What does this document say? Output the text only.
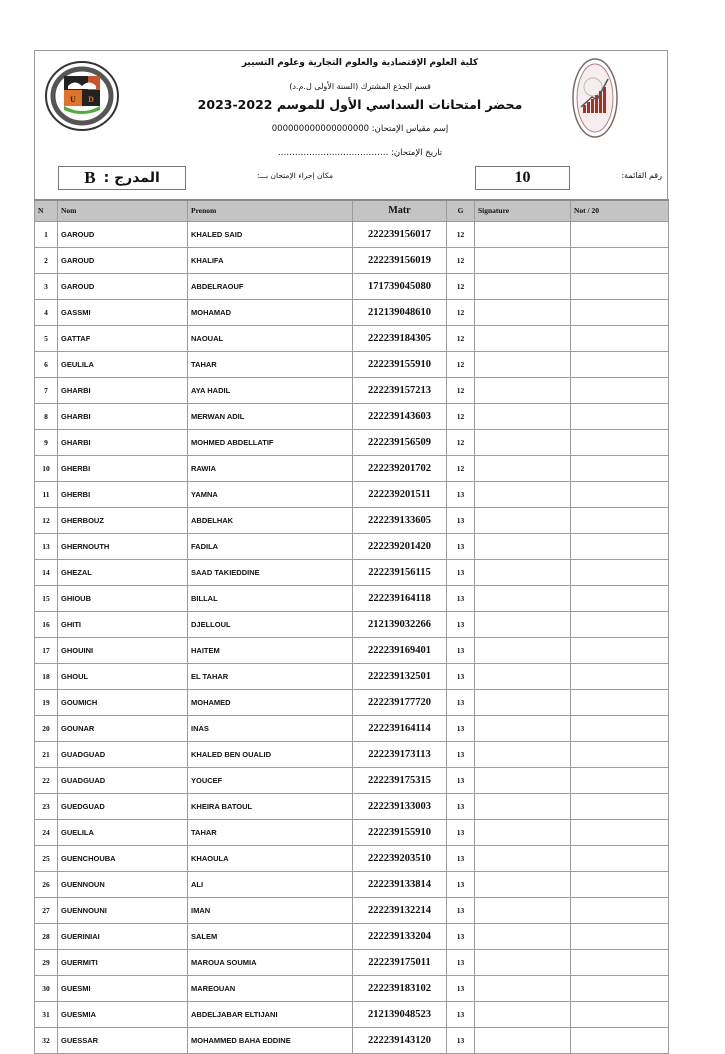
U D
كلية العلوم الإقتصادية والعلوم التجارية وعلوم التسيير
قسم الجذع المشترك (السنة الأولى ل.م.د)
محضر امتحانات السداسي الأول للموسم 2022-2023
إسم مقياس الإمتحان: 000000000000000000
تاريخ الإمتحان: …………………………………
المدرج :
B	مكان إجراء الإمتحان بـــ:	10	رقم القائمة:
N	Nom	Prenom	Matr	G	Signature	Not / 20
1	GAROUD	KHALED SAID	222239156017	12		
2	GAROUD	KHALIFA	222239156019	12		
3	GAROUD	ABDELRAOUF	171739045080	12		
4	GASSMI	MOHAMAD	212139048610	12		
5	GATTAF	NAOUAL	222239184305	12		
6	GEULILA	TAHAR	222239155910	12		
7	GHARBI	AYA HADIL	222239157213	12		
8	GHARBI	MERWAN ADIL	222239143603	12		
9	GHARBI	MOHMED ABDELLATIF	222239156509	12		
10	GHERBI	RAWIA	222239201702	12		
11	GHERBI	YAMNA	222239201511	13		
12	GHERBOUZ	ABDELHAK	222239133605	13		
13	GHERNOUTH	FADILA	222239201420	13		
14	GHEZAL	SAAD TAKIEDDINE	222239156115	13		
15	GHIOUB	BILLAL	222239164118	13		
16	GHITI	DJELLOUL	212139032266	13		
17	GHOUINI	HAITEM	222239169401	13		
18	GHOUL	EL TAHAR	222239132501	13		
19	GOUMICH	MOHAMED	222239177720	13		
20	GOUNAR	INAS	222239164114	13		
21	GUADGUAD	KHALED BEN OUALID	222239173113	13		
22	GUADGUAD	YOUCEF	222239175315	13		
23	GUEDGUAD	KHEIRA BATOUL	222239133003	13		
24	GUELILA	TAHAR	222239155910	13		
25	GUENCHOUBA	KHAOULA	222239203510	13		
26	GUENNOUN	ALI	222239133814	13		
27	GUENNOUNI	IMAN	222239132214	13		
28	GUERINIAI	SALEM	222239133204	13		
29	GUERMITI	MAROUA SOUMIA	222239175011	13		
30	GUESMI	MAREOUAN	222239183102	13		
31	GUESMIA	ABDELJABAR ELTIJANI	212139048523	13		
32	GUESSAR	MOHAMMED BAHA EDDINE	222239143120	13		
